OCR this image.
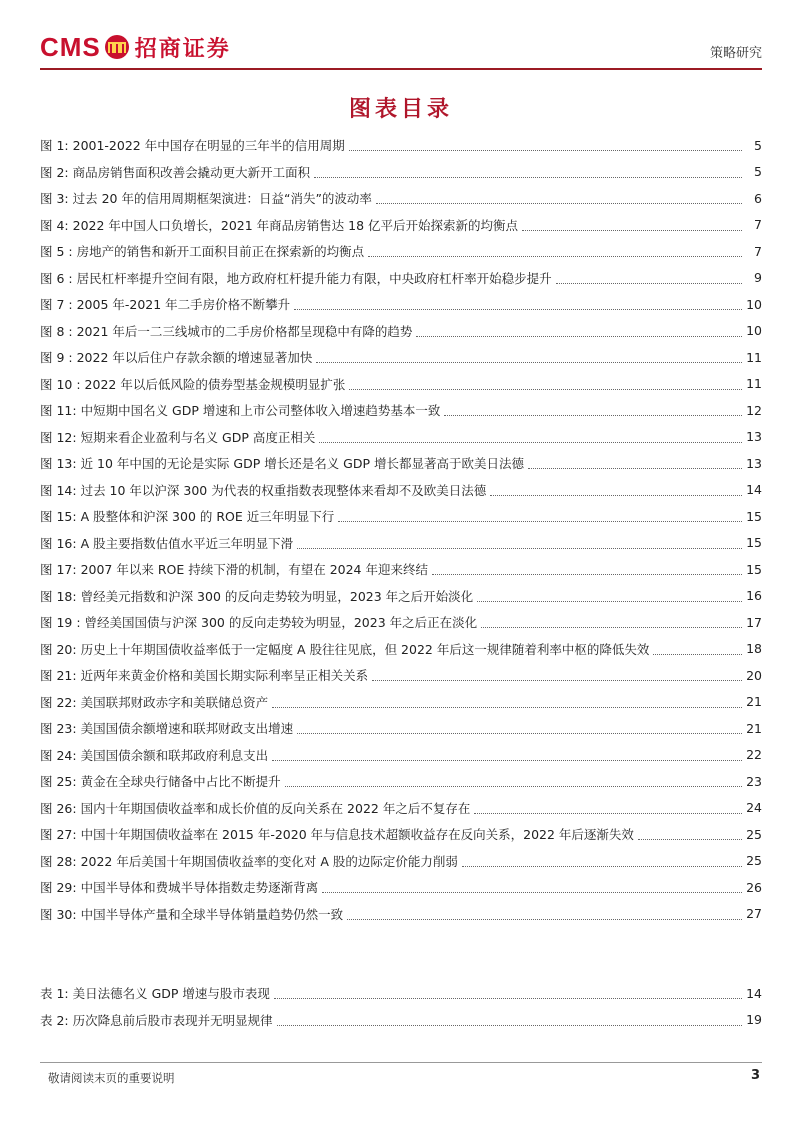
CMS 招商证券	策略研究
图表目录
图 1: 2001-2022 年中国存在明显的三年半的信用周期	5
图 2: 商品房销售面积改善会撬动更大新开工面积	5
图 3: 过去 20 年的信用周期框架演进：日益“消失”的波动率	6
图 4: 2022 年中国人口负增长，2021 年商品房销售达 18 亿平后开始探索新的均衡点	7
图 5 : 房地产的销售和新开工面积目前正在探索新的均衡点	7
图 6 : 居民杠杆率提升空间有限，地方政府杠杆提升能力有限，中央政府杠杆率开始稳步提升	9
图 7 : 2005 年-2021 年二手房价格不断攀升	10
图 8 : 2021 年后一二三线城市的二手房价格都呈现稳中有降的趋势	10
图 9 : 2022 年以后住户存款余额的增速显著加快	11
图 10 : 2022 年以后低风险的债券型基金规模明显扩张	11
图 11: 中短期中国名义 GDP 增速和上市公司整体收入增速趋势基本一致	12
图 12: 短期来看企业盈利与名义 GDP 高度正相关	13
图 13: 近 10 年中国的无论是实际 GDP 增长还是名义 GDP 增长都显著高于欧美日法德	13
图 14: 过去 10 年以沪深 300 为代表的权重指数表现整体来看却不及欧美日法德	14
图 15: A 股整体和沪深 300 的 ROE 近三年明显下行	15
图 16: A 股主要指数估值水平近三年明显下滑	15
图 17: 2007 年以来 ROE 持续下滑的机制，有望在 2024 年迎来终结	15
图 18: 曾经美元指数和沪深 300 的反向走势较为明显，2023 年之后开始淡化	16
图 19 : 曾经美国国债与沪深 300 的反向走势较为明显，2023 年之后正在淡化	17
图 20: 历史上十年期国债收益率低于一定幅度 A 股往往见底，但 2022 年后这一规律随着利率中枢的降低失效	18
图 21: 近两年来黄金价格和美国长期实际利率呈正相关关系	20
图 22: 美国联邦财政赤字和美联储总资产	21
图 23: 美国国债余额增速和联邦财政支出增速	21
图 24: 美国国债余额和联邦政府利息支出	22
图 25: 黄金在全球央行储备中占比不断提升	23
图 26: 国内十年期国债收益率和成长价值的反向关系在 2022 年之后不复存在	24
图 27: 中国十年期国债收益率在 2015 年-2020 年与信息技术超额收益存在反向关系，2022 年后逐渐失效	25
图 28: 2022 年后美国十年期国债收益率的变化对 A 股的边际定价能力削弱	25
图 29: 中国半导体和费城半导体指数走势逐渐背离	26
图 30: 中国半导体产量和全球半导体销量趋势仍然一致	27
表 1: 美日法德名义 GDP 增速与股市表现	14
表 2: 历次降息前后股市表现并无明显规律	19
敬请阅读末页的重要说明	3
